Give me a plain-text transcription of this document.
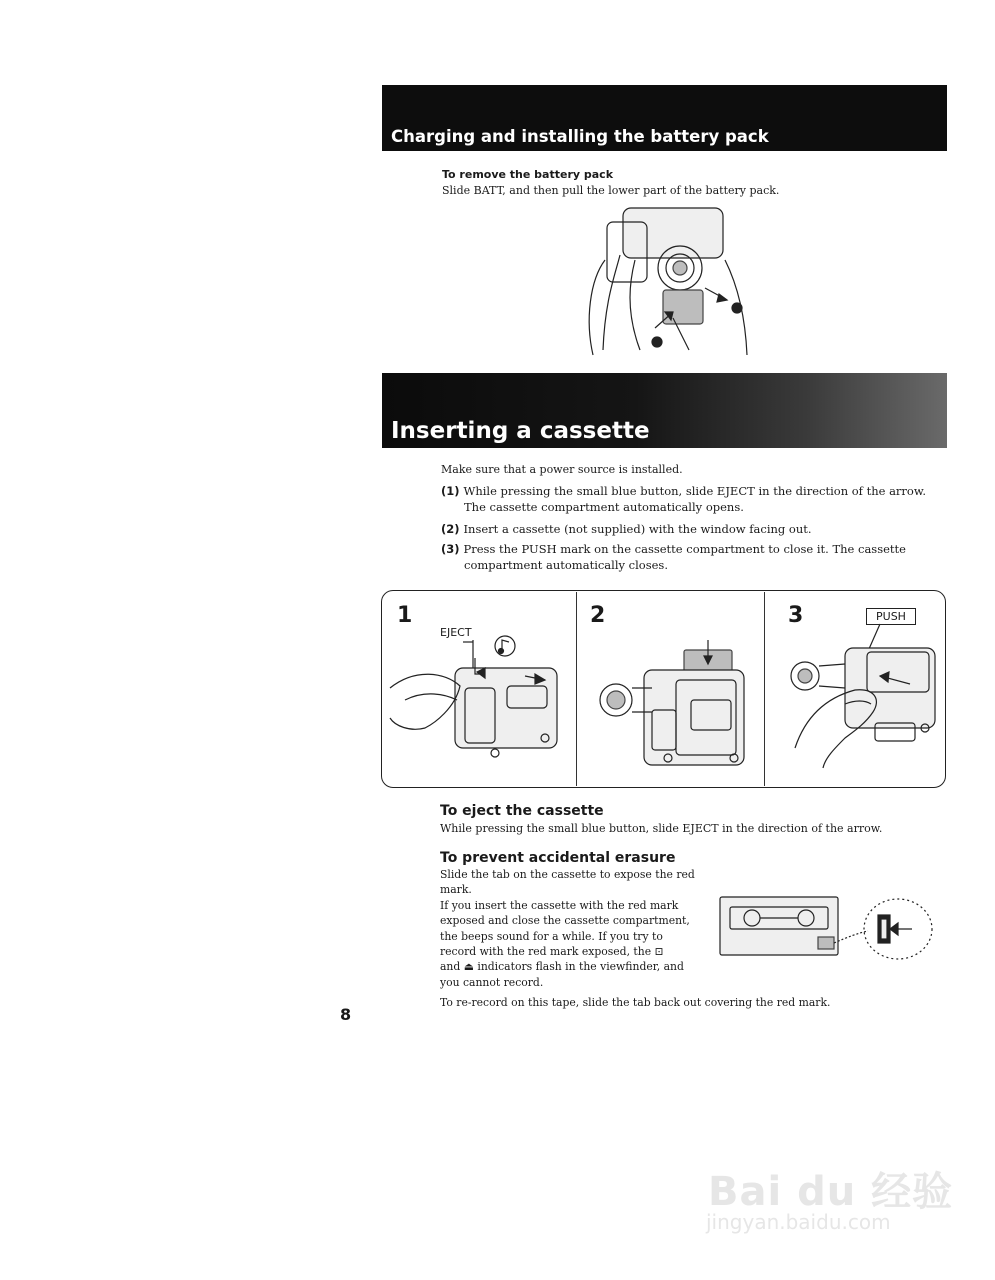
Charging and installing the battery pack
To remove the battery pack
Slide BATT, and then pull the lower part of the battery pack.
Inserting a cassette
Make sure that a power source is installed.
(1) While pressing the small blue button, slide EJECT in the direction of the arrow.
The cassette compartment automatically opens.
(2) Insert a cassette (not supplied) with the window facing out.
(3) Press the PUSH mark on the cassette compartment to close it. The cassette
compartment automatically closes.
1
EJECT
2	3	PUSH
To eject the cassette
While pressing the small blue button, slide EJECT in the direction of the arrow.
To prevent accidental erasure
Slide the tab on the cassette to expose the red
mark.
If you insert the cassette with the red mark
exposed and close the cassette compartment,
the beeps sound for a while. If you try to
record with the red mark exposed, the ⊡
and ⏏ indicators flash in the viewfinder, and
you cannot record.
To re-record on this tape, slide the tab back out covering the red mark.
8
Bai du 经验
jingyan.baidu.com
